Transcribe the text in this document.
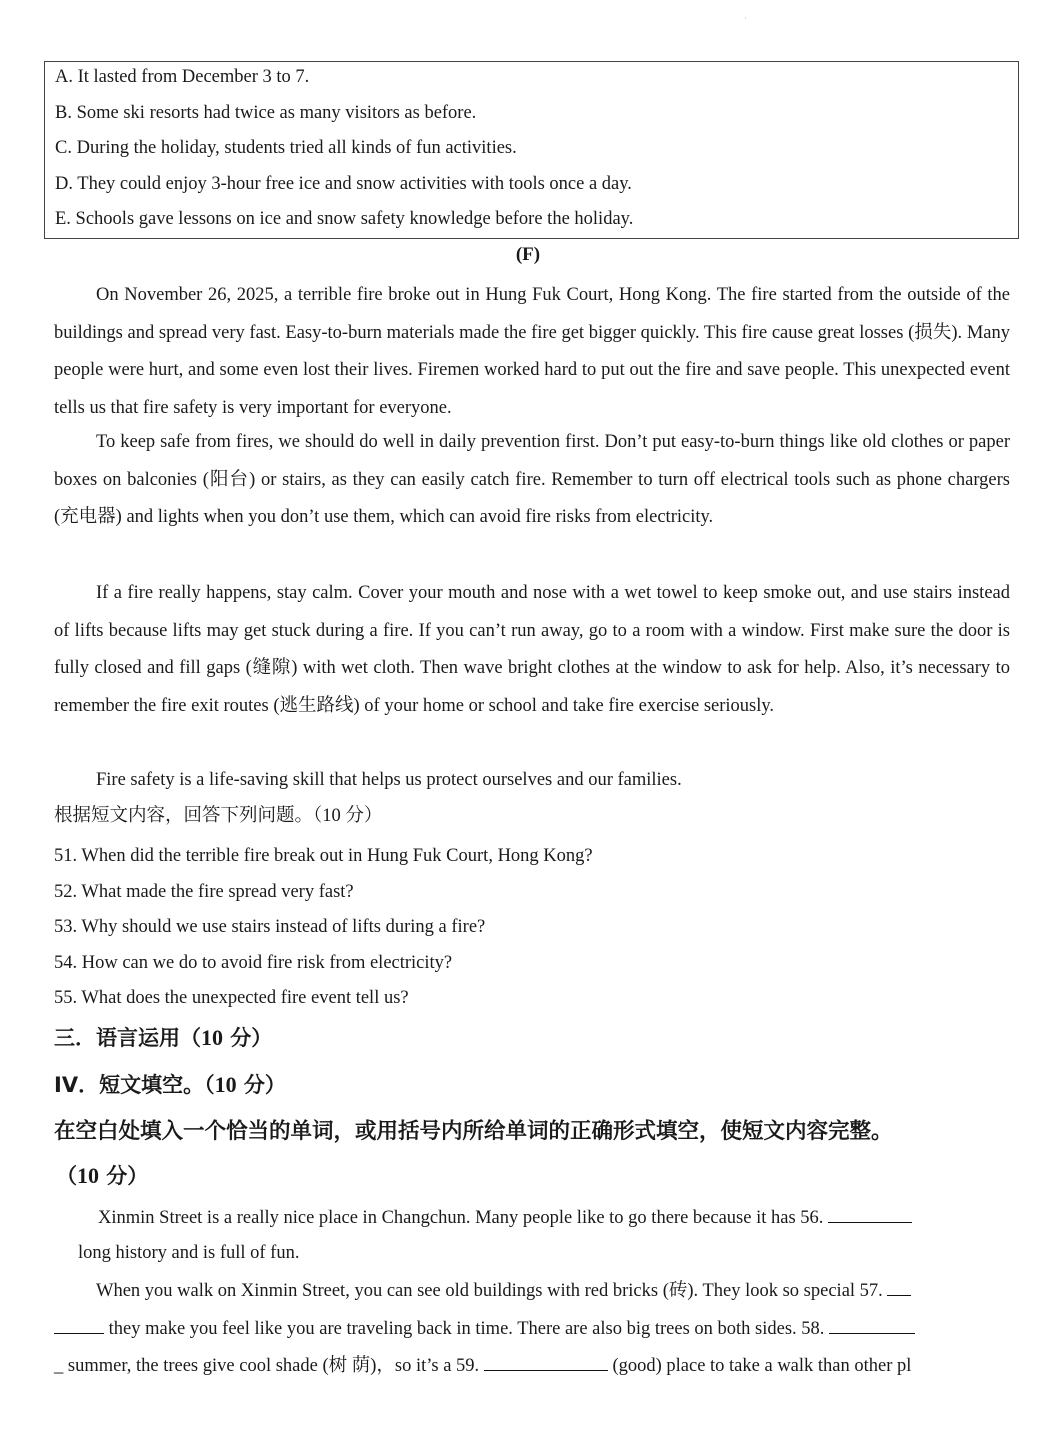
·
A. It lasted from December 3 to 7.
B. Some ski resorts had twice as many visitors as before.
C. During the holiday, students tried all kinds of fun activities.
D. They could enjoy 3-hour free ice and snow activities with tools once a day.
E. Schools gave lessons on ice and snow safety knowledge before the holiday.
(F)

On November 26, 2025, a terrible fire broke out in Hung Fuk Court, Hong Kong. The fire started from the outside of the buildings and spread very fast. Easy-to-burn materials made the fire get bigger quickly. This fire cause great losses (损失). Many people were hurt, and some even lost their lives. Firemen worked hard to put out the fire and save people. This unexpected event tells us that fire safety is very important for everyone.

To keep safe from fires, we should do well in daily prevention first. Don’t put easy-to-burn things like old clothes or paper boxes on balconies (阳台) or stairs, as they can easily catch fire. Remember to turn off electrical tools such as phone chargers (充电器) and lights when you don’t use them, which can avoid fire risks from electricity.

If a fire really happens, stay calm. Cover your mouth and nose with a wet towel to keep smoke out, and use stairs instead of lifts because lifts may get stuck during a fire. If you can’t run away, go to a room with a window. First make sure the door is fully closed and fill gaps (缝隙) with wet cloth. Then wave bright clothes at the window to ask for help. Also, it’s necessary to remember the fire exit routes (逃生路线) of your home or school and take fire exercise seriously.

Fire safety is a life-saving skill that helps us protect ourselves and our families.

根据短文内容，回答下列问题。（10 分）
51. When did the terrible fire break out in Hung Fuk Court, Hong Kong?
52. What made the fire spread very fast?
53. Why should we use stairs instead of lifts during a fire?
54. How can we do to avoid fire risk from electricity?
55. What does the unexpected fire event tell us?
三．语言运用（10 分）
IV．短文填空。（10 分）
在空白处填入一个恰当的单词，或用括号内所给单词的正确形式填空，使短文内容完整。
（10 分）
Xinmin Street is a really nice place in Changchun. Many people like to go there because it has 56.
long history and is full of fun.
When you walk on Xinmin Street, you can see old buildings with red bricks (砖). They look so special 57.
they make you feel like you are traveling back in time. There are also big trees on both sides. 58.
_ summer, the trees give cool shade (树 荫)，so it’s a 59.	(good) place to take a walk than other pl
